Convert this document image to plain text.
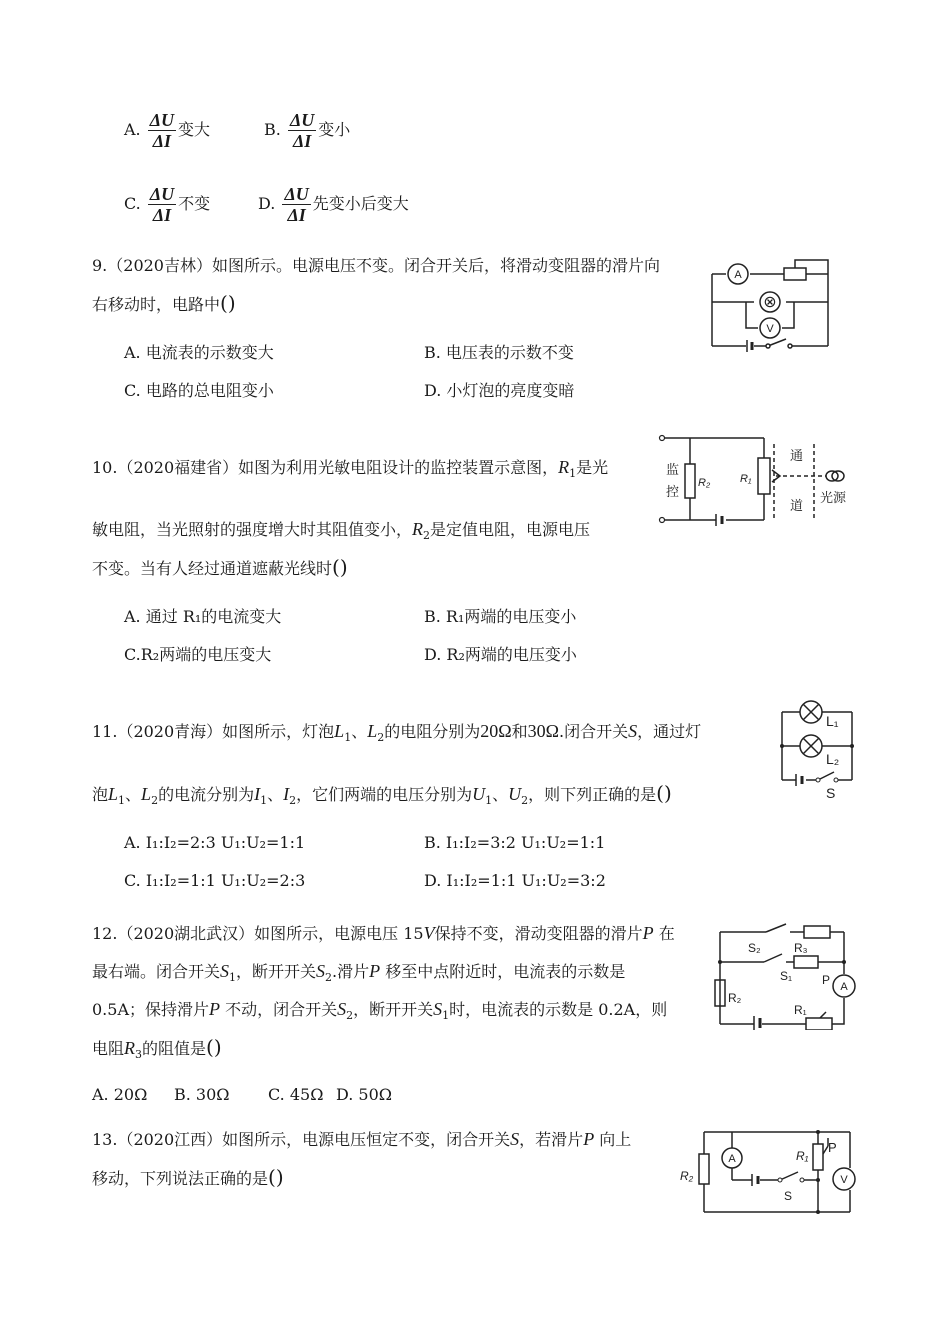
A. $\frac{\Delta U}{\Delta I}$ 变大	B. $\frac{\Delta U}{\Delta I}$ 变小
C. $\frac{\Delta U}{\Delta I}$ 不变	D. $\frac{\Delta U}{\Delta I}$ 先变小后变大
9.（2020吉林）如图所示。电源电压不变。闭合开关后，将滑动变阻器的滑片向
右移动时，电路中()
A. 电流表的示数变大	B. 电压表的示数不变
C. 电路的总电阻变小	D. 小灯泡的亮度变暗
A
⊗
V
10.（2020福建省）如图为利用光敏电阻设计的监控装置示意图，$R_1$是光
敏电阻，当光照射的强度增大时其阻值变小，$R_2$是定值电阻，电源电压
不变。当有人经过通道遮蔽光线时()
A. 通过 R₁的电流变大	B. R₁两端的电压变小
C.R₂两端的电压变大	D. R₂两端的电压变小
监
控
R₂	R₁
通
道
光源
11.（2020青海）如图所示，灯泡$L_1$、$L_2$的电阻分别为20Ω和30Ω.闭合开关S，通过灯
泡$L_1$、$L_2$的电流分别为$I_1$、$I_2$，它们两端的电压分别为$U_1$、$U_2$，则下列正确的是()
A. I₁:I₂=2:3 U₁:U₂=1:1	B. I₁:I₂=3:2 U₁:U₂=1:1
C. I₁:I₂=1:1 U₁:U₂=2:3	D. I₁:I₂=1:1 U₁:U₂=3:2
L₁
L₂
S
12.（2020湖北武汉）如图所示，电源电压 15V保持不变，滑动变阻器的滑片P 在
最右端。闭合开关$S_1$，断开开关$S_2$.滑片P 移至中点附近时，电流表的示数是
0.5A；保持滑片P 不动，闭合开关$S_2$，断开开关$S_1$时，电流表的示数是 0.2A，则
电阻$R_3$的阻值是()
A. 20Ω B. 30Ω C. 45Ω D. 50Ω
A
S₂	R₃
S₁ P
R₂
R₁
13.（2020江西）如图所示，电源电压恒定不变，闭合开关S，若滑片P 向上
移动，下列说法正确的是()
A
V
R₂
R₁
P
S
